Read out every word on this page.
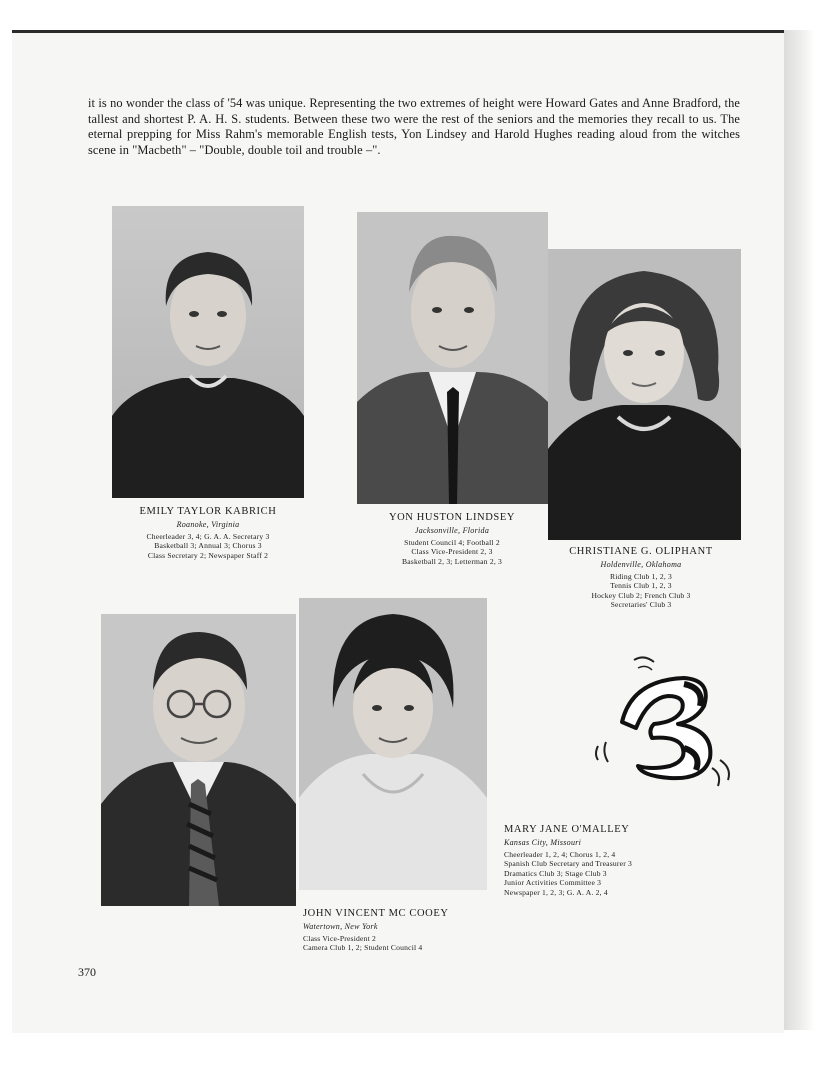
it is no wonder the class of '54 was unique. Representing the two extremes of height were Howard Gates and Anne Bradford, the tallest and shortest P. A. H. S. students. Between these two were the rest of the seniors and the memories they recall to us. The eternal prepping for Miss Rahm's memorable English tests, Yon Lindsey and Harold Hughes reading aloud from the witches scene in "Macbeth" – "Double, double toil and trouble –".

EMILY TAYLOR KABRICH
Roanoke, Virginia
Cheerleader 3, 4; G. A. A. Secretary 3
Basketball 3; Annual 3; Chorus 3
Class Secretary 2; Newspaper Staff 2
YON HUSTON LINDSEY
Jacksonville, Florida
Student Council 4; Football 2
Class Vice-President 2, 3
Basketball 2, 3; Letterman 2, 3
CHRISTIANE G. OLIPHANT
Holdenville, Oklahoma
Riding Club 1, 2, 3
Tennis Club 1, 2, 3
Hockey Club 2; French Club 3
Secretaries' Club 3
JOHN VINCENT MC COOEY
Watertown, New York
Class Vice-President 2
Camera Club 1, 2; Student Council 4
MARY JANE O'MALLEY
Kansas City, Missouri
Cheerleader 1, 2, 4; Chorus 1, 2, 4
Spanish Club Secretary and Treasurer 3
Dramatics Club 3; Stage Club 3
Junior Activities Committee 3
Newspaper 1, 2, 3; G. A. A. 2, 4
370
